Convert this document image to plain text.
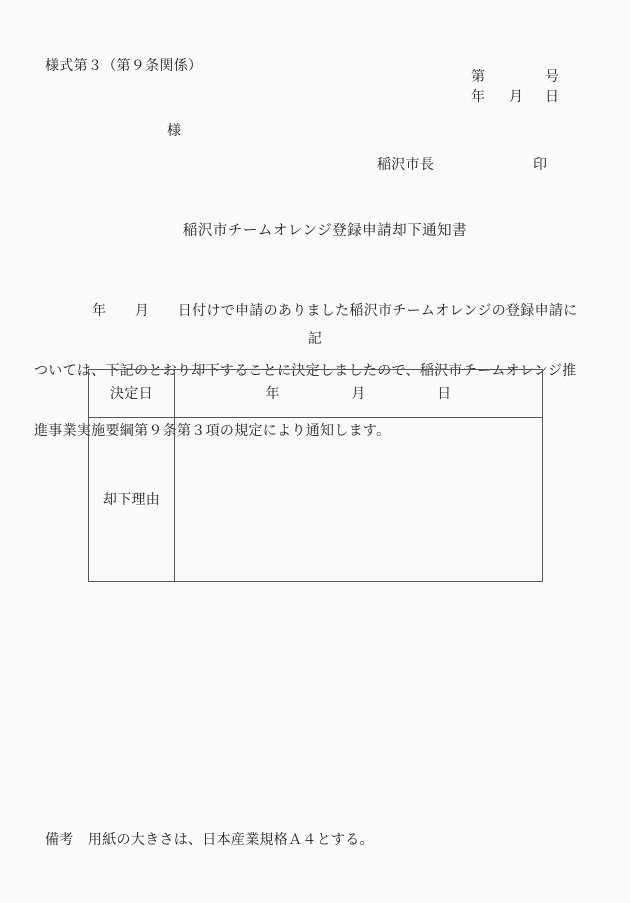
様式第３（第９条関係）
第	号
年 月 日
様
稲沢市長	印
稲沢市チームオレンジ登録申請却下通知書

年　　月　　日付けで申請のありました稲沢市チームオレンジの登録申請に

ついては、下記のとおり却下することに決定しましたので、稲沢市チームオレンジ推

進事業実施要綱第９条第３項の規定により通知します。

記
決定日	年　　　　　月　　　　　日
却下理由
備考　用紙の大きさは、日本産業規格Ａ４とする。
